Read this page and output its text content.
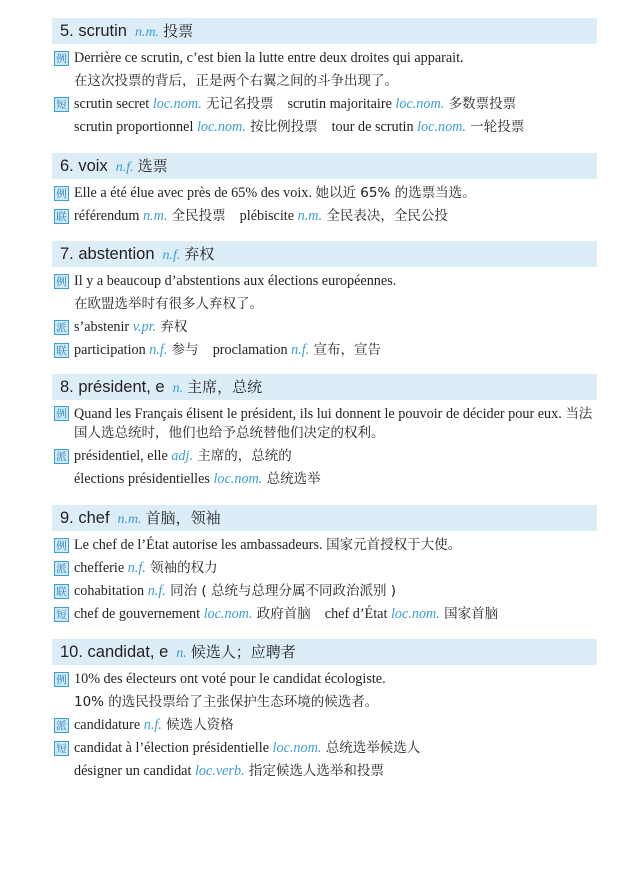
5. scrutin n.m. 投票
例 Derrière ce scrutin, c’est bien la lutte entre deux droites qui apparait.
在这次投票的背后，正是两个右翼之间的斗争出现了。
短 scrutin secret loc.nom. 无记名投票 scrutin majoritaire loc.nom. 多数票投票
scrutin proportionnel loc.nom. 按比例投票 tour de scrutin loc.nom. 一轮投票
6. voix n.f. 选票
例 Elle a été élue avec près de 65% des voix. 她以近 65% 的选票当选。
联 référendum n.m. 全民投票 plébiscite n.m. 全民表决，全民公投
7. abstention n.f. 弃权
例 Il y a beaucoup d’abstentions aux élections européennes.
在欧盟选举时有很多人弃权了。
派 s’abstenir v.pr. 弃权
联 participation n.f. 参与 proclamation n.f. 宣布，宣告
8. président, e n. 主席，总统
例 Quand les Français élisent le président, ils lui donnent le pouvoir de décider pour eux. 当法国人选总统时，他们也给予总统替他们决定的权利。
派 présidentiel, elle adj. 主席的，总统的
élections présidentielles loc.nom. 总统选举
9. chef n.m. 首脑，领袖
例 Le chef de l’État autorise les ambassadeurs. 国家元首授权于大使。
派 chefferie n.f. 领袖的权力
联 cohabitation n.f. 同治 ( 总统与总理分属不同政治派别 )
短 chef de gouvernement loc.nom. 政府首脑 chef d’État loc.nom. 国家首脑
10. candidat, e n. 候选人；应聘者
例 10% des électeurs ont voté pour le candidat écologiste.
10% 的选民投票给了主张保护生态环境的候选者。
派 candidature n.f. 候选人资格
短 candidat à l’élection présidentielle loc.nom. 总统选举候选人
désigner un candidat loc.verb. 指定候选人选举和投票
